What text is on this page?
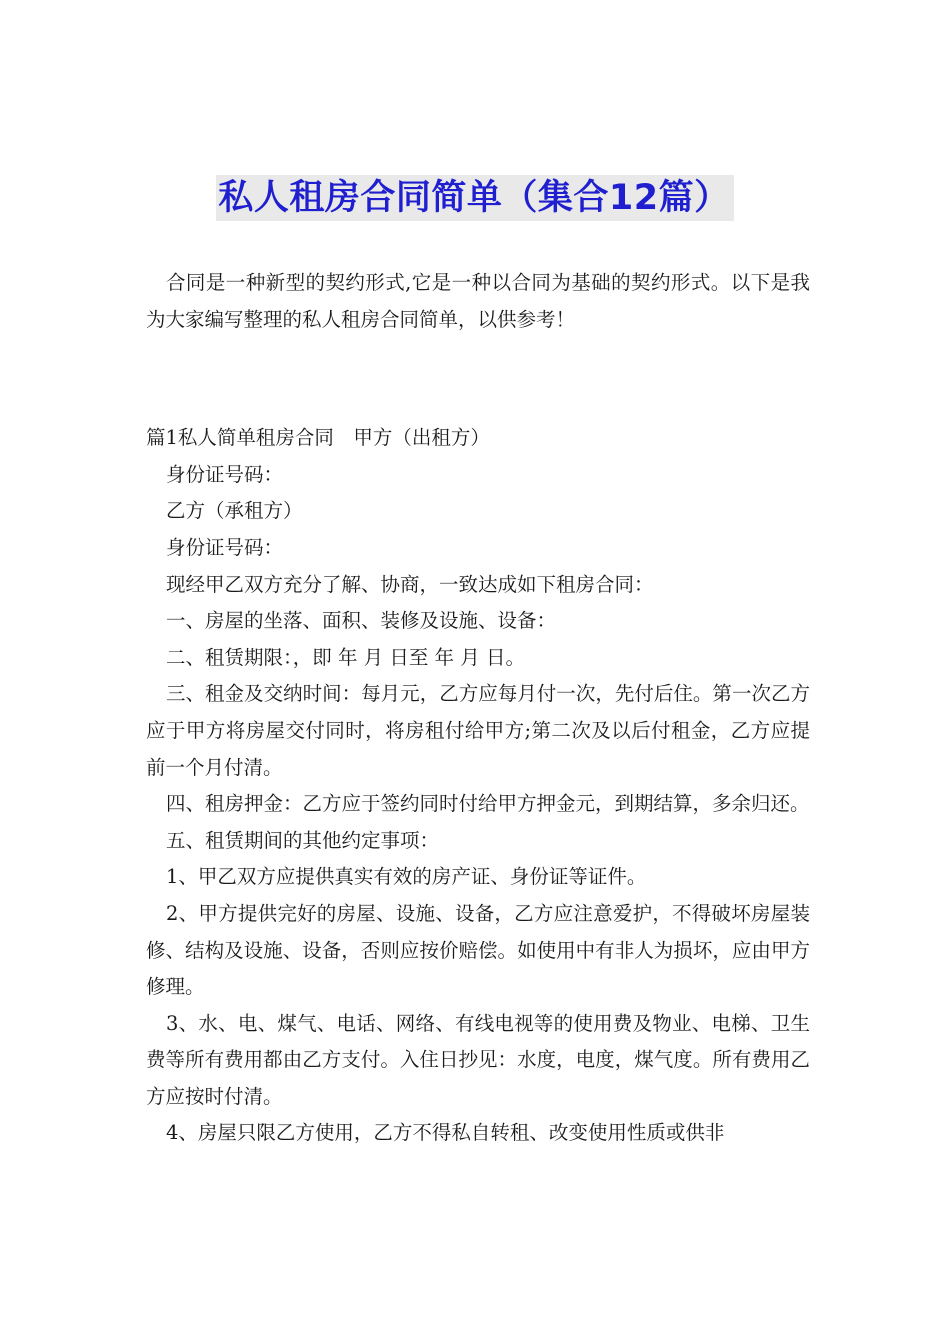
私人租房合同简单（集合12篇）

合同是一种新型的契约形式,它是一种以合同为基础的契约形式。以下是我为大家编写整理的私人租房合同简单，以供参考！

篇1私人简单租房合同　甲方（出租方）

身份证号码：

乙方（承租方）

身份证号码：

现经甲乙双方充分了解、协商，一致达成如下租房合同：

一、房屋的坐落、面积、装修及设施、设备：

二、租赁期限：，即 年 月 日至 年 月 日。

三、租金及交纳时间：每月元，乙方应每月付一次，先付后住。第一次乙方应于甲方将房屋交付同时，将房租付给甲方;第二次及以后付租金，乙方应提前一个月付清。

四、租房押金：乙方应于签约同时付给甲方押金元，到期结算，多余归还。

五、租赁期间的其他约定事项：

1、甲乙双方应提供真实有效的房产证、身份证等证件。

2、甲方提供完好的房屋、设施、设备，乙方应注意爱护，不得破坏房屋装修、结构及设施、设备，否则应按价赔偿。如使用中有非人为损坏，应由甲方修理。

3、水、电、煤气、电话、网络、有线电视等的使用费及物业、电梯、卫生费等所有费用都由乙方支付。入住日抄见：水度，电度，煤气度。所有费用乙方应按时付清。

4、房屋只限乙方使用，乙方不得私自转租、改变使用性质或供非
